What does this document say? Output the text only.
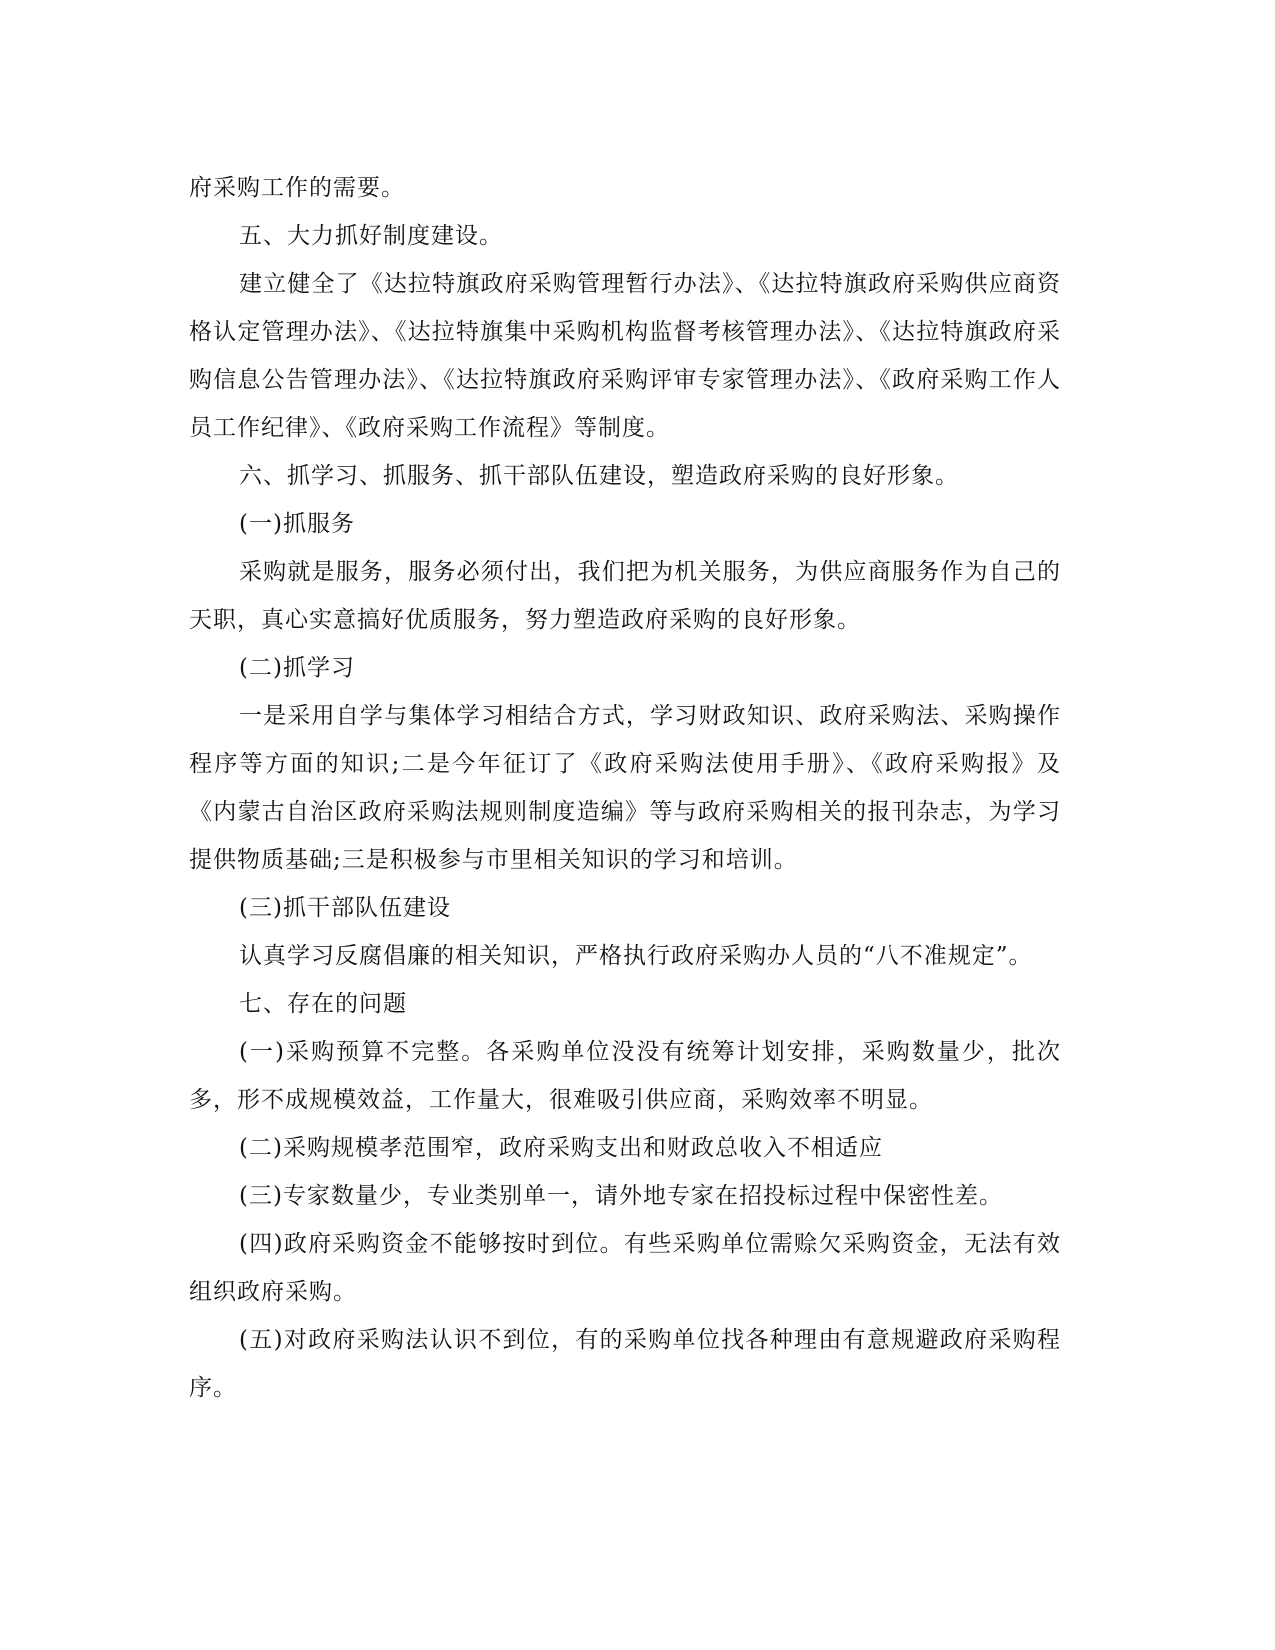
府采购工作的需要。

五、大力抓好制度建设。

建立健全了《达拉特旗政府采购管理暂行办法》、《达拉特旗政府采购供应商资格认定管理办法》、《达拉特旗集中采购机构监督考核管理办法》、《达拉特旗政府采购信息公告管理办法》、《达拉特旗政府采购评审专家管理办法》、《政府采购工作人员工作纪律》、《政府采购工作流程》等制度。

六、抓学习、抓服务、抓干部队伍建设，塑造政府采购的良好形象。

(一)抓服务

采购就是服务，服务必须付出，我们把为机关服务，为供应商服务作为自己的天职，真心实意搞好优质服务，努力塑造政府采购的良好形象。

(二)抓学习

一是采用自学与集体学习相结合方式，学习财政知识、政府采购法、采购操作程序等方面的知识;二是今年征订了《政府采购法使用手册》、《政府采购报》及《内蒙古自治区政府采购法规则制度造编》等与政府采购相关的报刊杂志，为学习提供物质基础;三是积极参与市里相关知识的学习和培训。

(三)抓干部队伍建设

认真学习反腐倡廉的相关知识，严格执行政府采购办人员的“八不准规定”。

七、存在的问题

(一)采购预算不完整。各采购单位没没有统筹计划安排，采购数量少，批次多，形不成规模效益，工作量大，很难吸引供应商，采购效率不明显。

(二)采购规模孝范围窄，政府采购支出和财政总收入不相适应

(三)专家数量少，专业类别单一，请外地专家在招投标过程中保密性差。

(四)政府采购资金不能够按时到位。有些采购单位需赊欠采购资金，无法有效组织政府采购。

(五)对政府采购法认识不到位，有的采购单位找各种理由有意规避政府采购程序。
